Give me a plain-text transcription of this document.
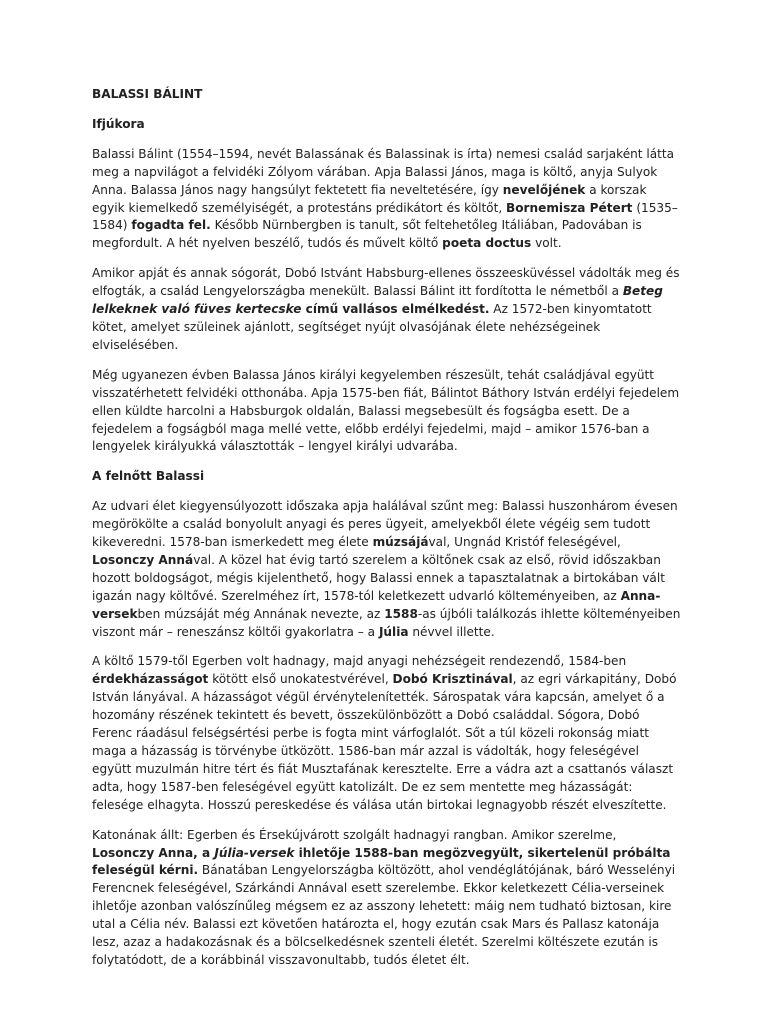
BALASSI BÁLINT

Ifjúkora

Balassi Bálint (1554–1594, nevét Balassának és Balassinak is írta) nemesi család sarjaként látta meg a napvilágot a felvidéki Zólyom várában. Apja Balassi János, maga is költő, anyja Sulyok Anna. Balassa János nagy hangsúlyt fektetett fia neveltetésére, így nevelőjének a korszak egyik kiemelkedő személyiségét, a protestáns prédikátort és költőt, Bornemisza Pétert (1535–1584) fogadta fel. Később Nürnbergben is tanult, sőt feltehetőleg Itáliában, Padovában is megfordult. A hét nyelven beszélő, tudós és művelt költő poeta doctus volt.

Amikor apját és annak sógorát, Dobó Istvánt Habsburg-ellenes összeesküvéssel vádolták meg és elfogták, a család Lengyelországba menekült. Balassi Bálint itt fordította le németből a Beteg lelkeknek való füves kertecske című vallásos elmélkedést. Az 1572-ben kinyomtatott kötet, amelyet szüleinek ajánlott, segítséget nyújt olvasójának élete nehézségeinek elviselésében.

Még ugyanezen évben Balassa János királyi kegyelemben részesült, tehát családjával együtt visszatérhetett felvidéki otthonába. Apja 1575-ben fiát, Bálintot Báthory István erdélyi fejedelem ellen küldte harcolni a Habsburgok oldalán, Balassi megsebesült és fogságba esett. De a fejedelem a fogságból maga mellé vette, előbb erdélyi fejedelmi, majd – amikor 1576-ban a lengyelek királyukká választották – lengyel királyi udvarába.

A felnőtt Balassi

Az udvari élet kiegyensúlyozott időszaka apja halálával szűnt meg: Balassi huszonhárom évesen megörökölte a család bonyolult anyagi és peres ügyeit, amelyekből élete végéig sem tudott kikeveredni. 1578-ban ismerkedett meg élete múzsájával, Ungnád Kristóf feleségével, Losonczy Annával. A közel hat évig tartó szerelem a költőnek csak az első, rövid időszakban hozott boldogságot, mégis kijelenthető, hogy Balassi ennek a tapasztalatnak a birtokában vált igazán nagy költővé. Szerelméhez írt, 1578-tól keletkezett udvarló költeményeiben, az Anna-versekben múzsáját még Annának nevezte, az 1588-as újbóli találkozás ihlette költeményeiben viszont már – reneszánsz költői gyakorlatra – a Júlia névvel illette.

A költő 1579-től Egerben volt hadnagy, majd anyagi nehézségeit rendezendő, 1584-ben érdekházasságot kötött első unokatestvérével, Dobó Krisztinával, az egri várkapitány, Dobó István lányával. A házasságot végül érvénytelenítették. Sárospatak vára kapcsán, amelyet ő a hozomány részének tekintett és bevett, összekülönbözött a Dobó családdal. Sógora, Dobó Ferenc ráadásul felségsértési perbe is fogta mint várfoglalót. Sőt a túl közeli rokonság miatt maga a házasság is törvénybe ütközött. 1586-ban már azzal is vádolták, hogy feleségével együtt muzulmán hitre tért és fiát Musztafának keresztelte. Erre a vádra azt a csattanós választ adta, hogy 1587-ben feleségével együtt katolizált. De ez sem mentette meg házasságát: felesége elhagyta. Hosszú pereskedése és válása után birtokai legnagyobb részét elveszítette.

Katonának állt: Egerben és Érsekújvárott szolgált hadnagyi rangban. Amikor szerelme, Losonczy Anna, a Júlia-versek ihletője 1588-ban megözvegyült, sikertelenül próbálta feleségül kérni. Bánatában Lengyelországba költözött, ahol vendéglátójának, báró Wesselényi Ferencnek feleségével, Szárkándi Annával esett szerelembe. Ekkor keletkezett Célia-verseinek ihletője azonban valószínűleg mégsem ez az asszony lehetett: máig nem tudható biztosan, kire utal a Célia név. Balassi ezt követően határozta el, hogy ezután csak Mars és Pallasz katonája lesz, azaz a hadakozásnak és a bölcselkedésnek szenteli életét. Szerelmi költészete ezután is folytatódott, de a korábbinál visszavonultabb, tudós életet élt.
